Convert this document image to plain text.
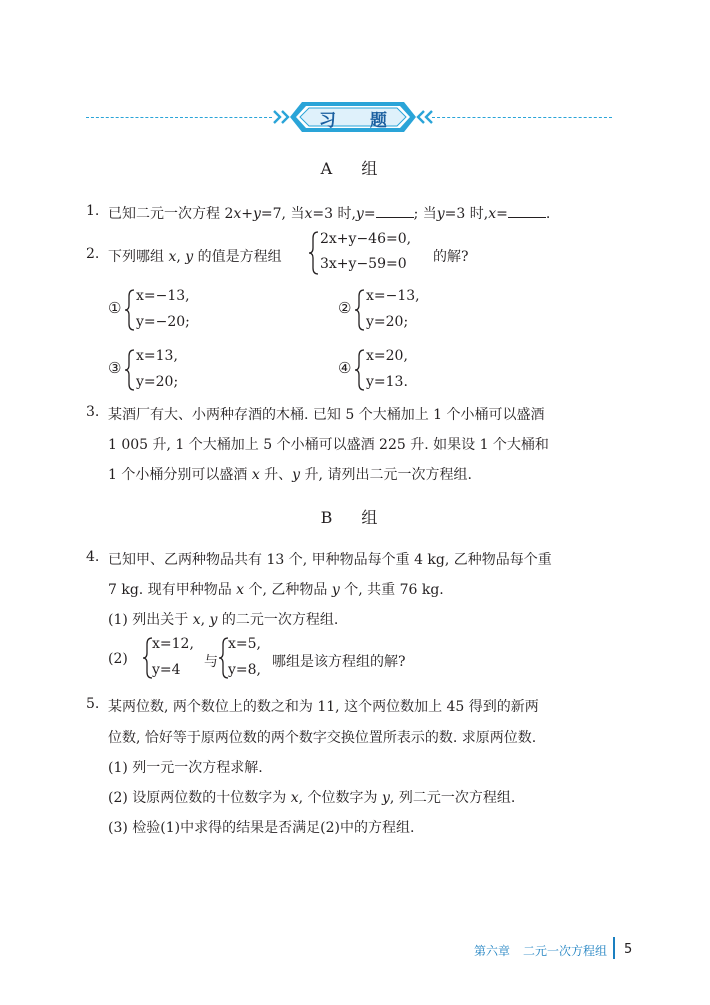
习 题
A 组
1. 已知二元一次方程 2x+y=7, 当x=3 时,y=	; 当y=3 时,x=	.
2. 下列哪组 x, y 的值是方程组
2x+y−46=0,
3x+y−59=0 的解?
①
x=−13,
y=−20;
②
x=−13,
y=20;
③
x=13,
y=20;
④
x=20,
y=13.
3. 某酒厂有大、小两种存酒的木桶. 已知 5 个大桶加上 1 个小桶可以盛酒
1 005 升, 1 个大桶加上 5 个小桶可以盛酒 225 升. 如果设 1 个大桶和
1 个小桶分别可以盛酒 x 升、y 升, 请列出二元一次方程组.
B 组
4. 已知甲、乙两种物品共有 13 个, 甲种物品每个重 4 kg, 乙种物品每个重
7 kg. 现有甲种物品 x 个, 乙种物品 y 个, 共重 76 kg.
(1) 列出关于 x, y 的二元一次方程组.
(2)
x=12,
y=4 与
x=5,
y=8, 哪组是该方程组的解?
5. 某两位数, 两个数位上的数之和为 11, 这个两位数加上 45 得到的新两
位数, 恰好等于原两位数的两个数字交换位置所表示的数. 求原两位数.
(1) 列一元一次方程求解.
(2) 设原两位数的十位数字为 x, 个位数字为 y, 列二元一次方程组.
(3) 检验(1)中求得的结果是否满足(2)中的方程组.
第六章 二元一次方程组 5
